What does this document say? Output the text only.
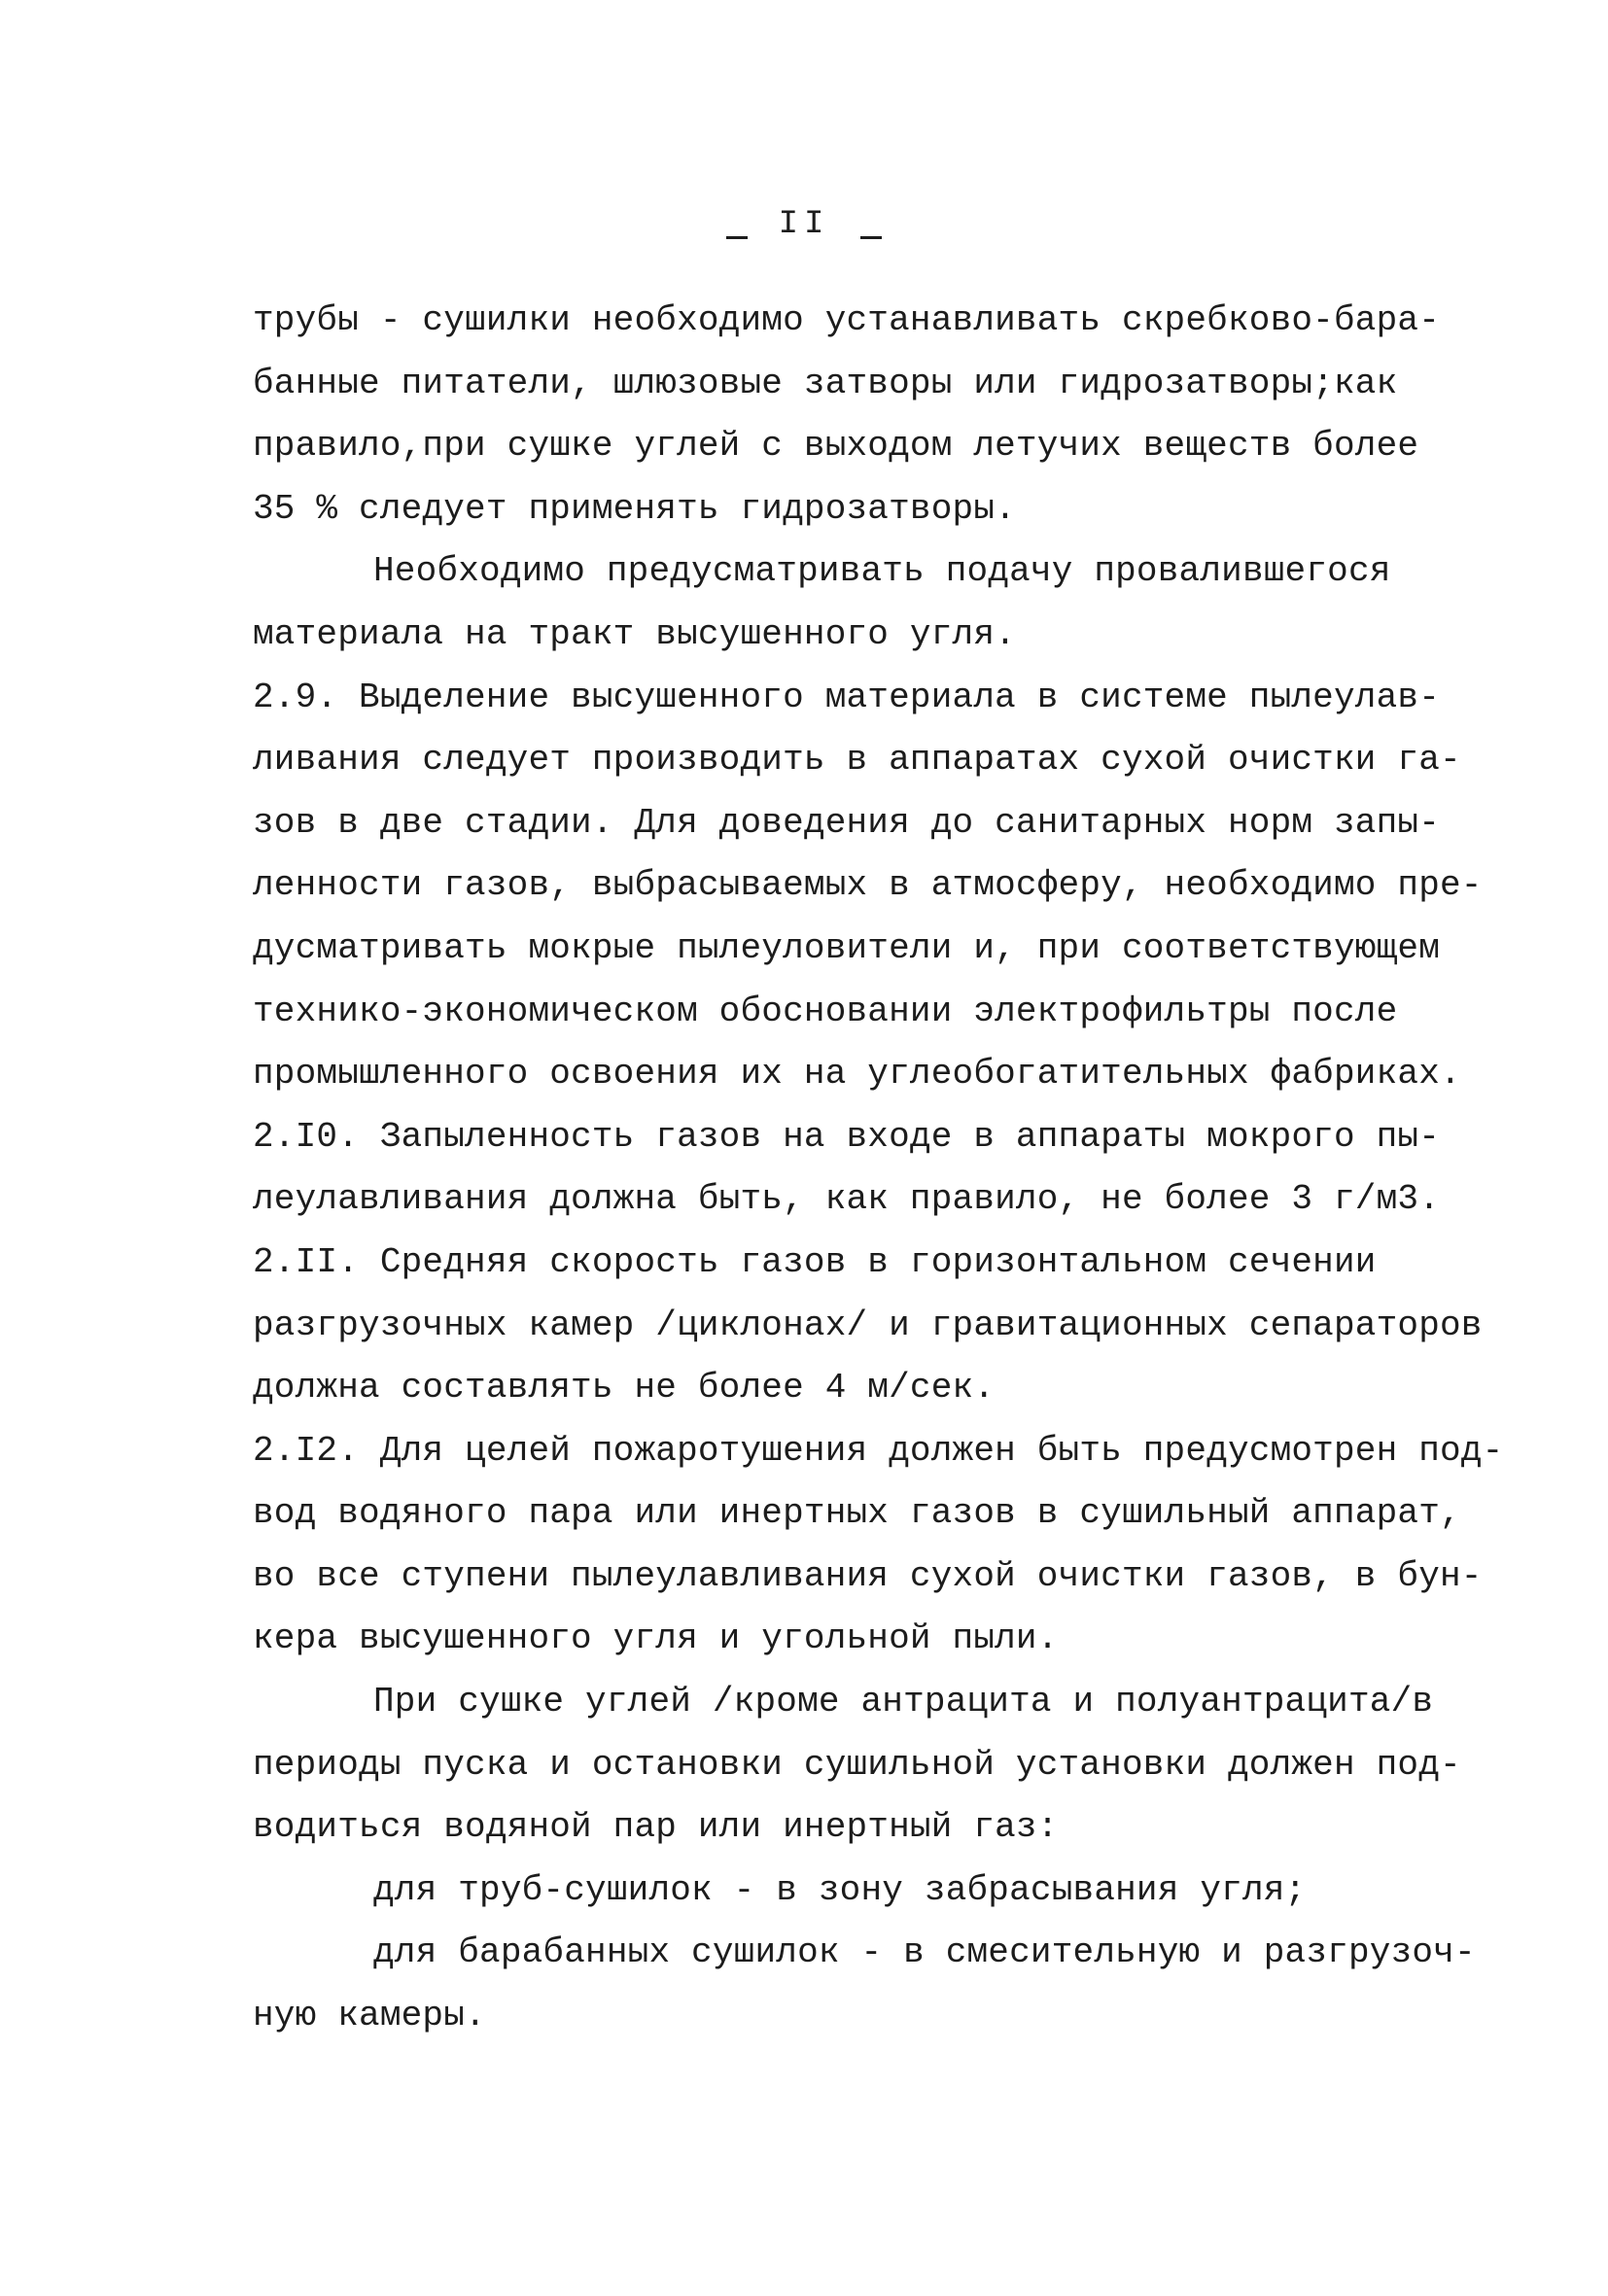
II
трубы - сушилки необходимо устанавливать скребково-бара-
банные питатели, шлюзовые затворы или гидрозатворы;как
правило,при сушке углей с выходом летучих веществ более
35 % следует применять гидрозатворы.
Необходимо предусматривать подачу провалившегося
материала на тракт высушенного угля.
2.9. Выделение высушенного материала в системе пылеулав-
ливания следует производить в аппаратах сухой очистки га-
зов в две стадии. Для доведения до санитарных норм запы-
ленности газов, выбрасываемых в атмосферу, необходимо пре-
дусматривать мокрые пылеуловители и, при соответствующем
технико-экономическом обосновании электрофильтры после
промышленного освоения их на углеобогатительных фабриках.
2.I0. Запыленность газов на входе в аппараты мокрого пы-
леулавливания должна быть, как правило, не более 3 г/м3.
2.II. Средняя скорость газов в горизонтальном сечении
разгрузочных камер /циклонах/ и гравитационных сепараторов
должна составлять не более 4 м/сек.
2.I2. Для целей пожаротушения должен быть предусмотрен под-
вод водяного пара или инертных газов в сушильный аппарат,
во все ступени пылеулавливания сухой очистки газов, в бун-
кера высушенного угля и угольной пыли.
При сушке углей /кроме антрацита и полуантрацита/в
периоды пуска и остановки сушильной установки должен под-
водиться водяной пар или инертный газ:
для труб-сушилок - в зону забрасывания угля;
для барабанных сушилок - в смесительную и разгрузоч-
ную камеры.
